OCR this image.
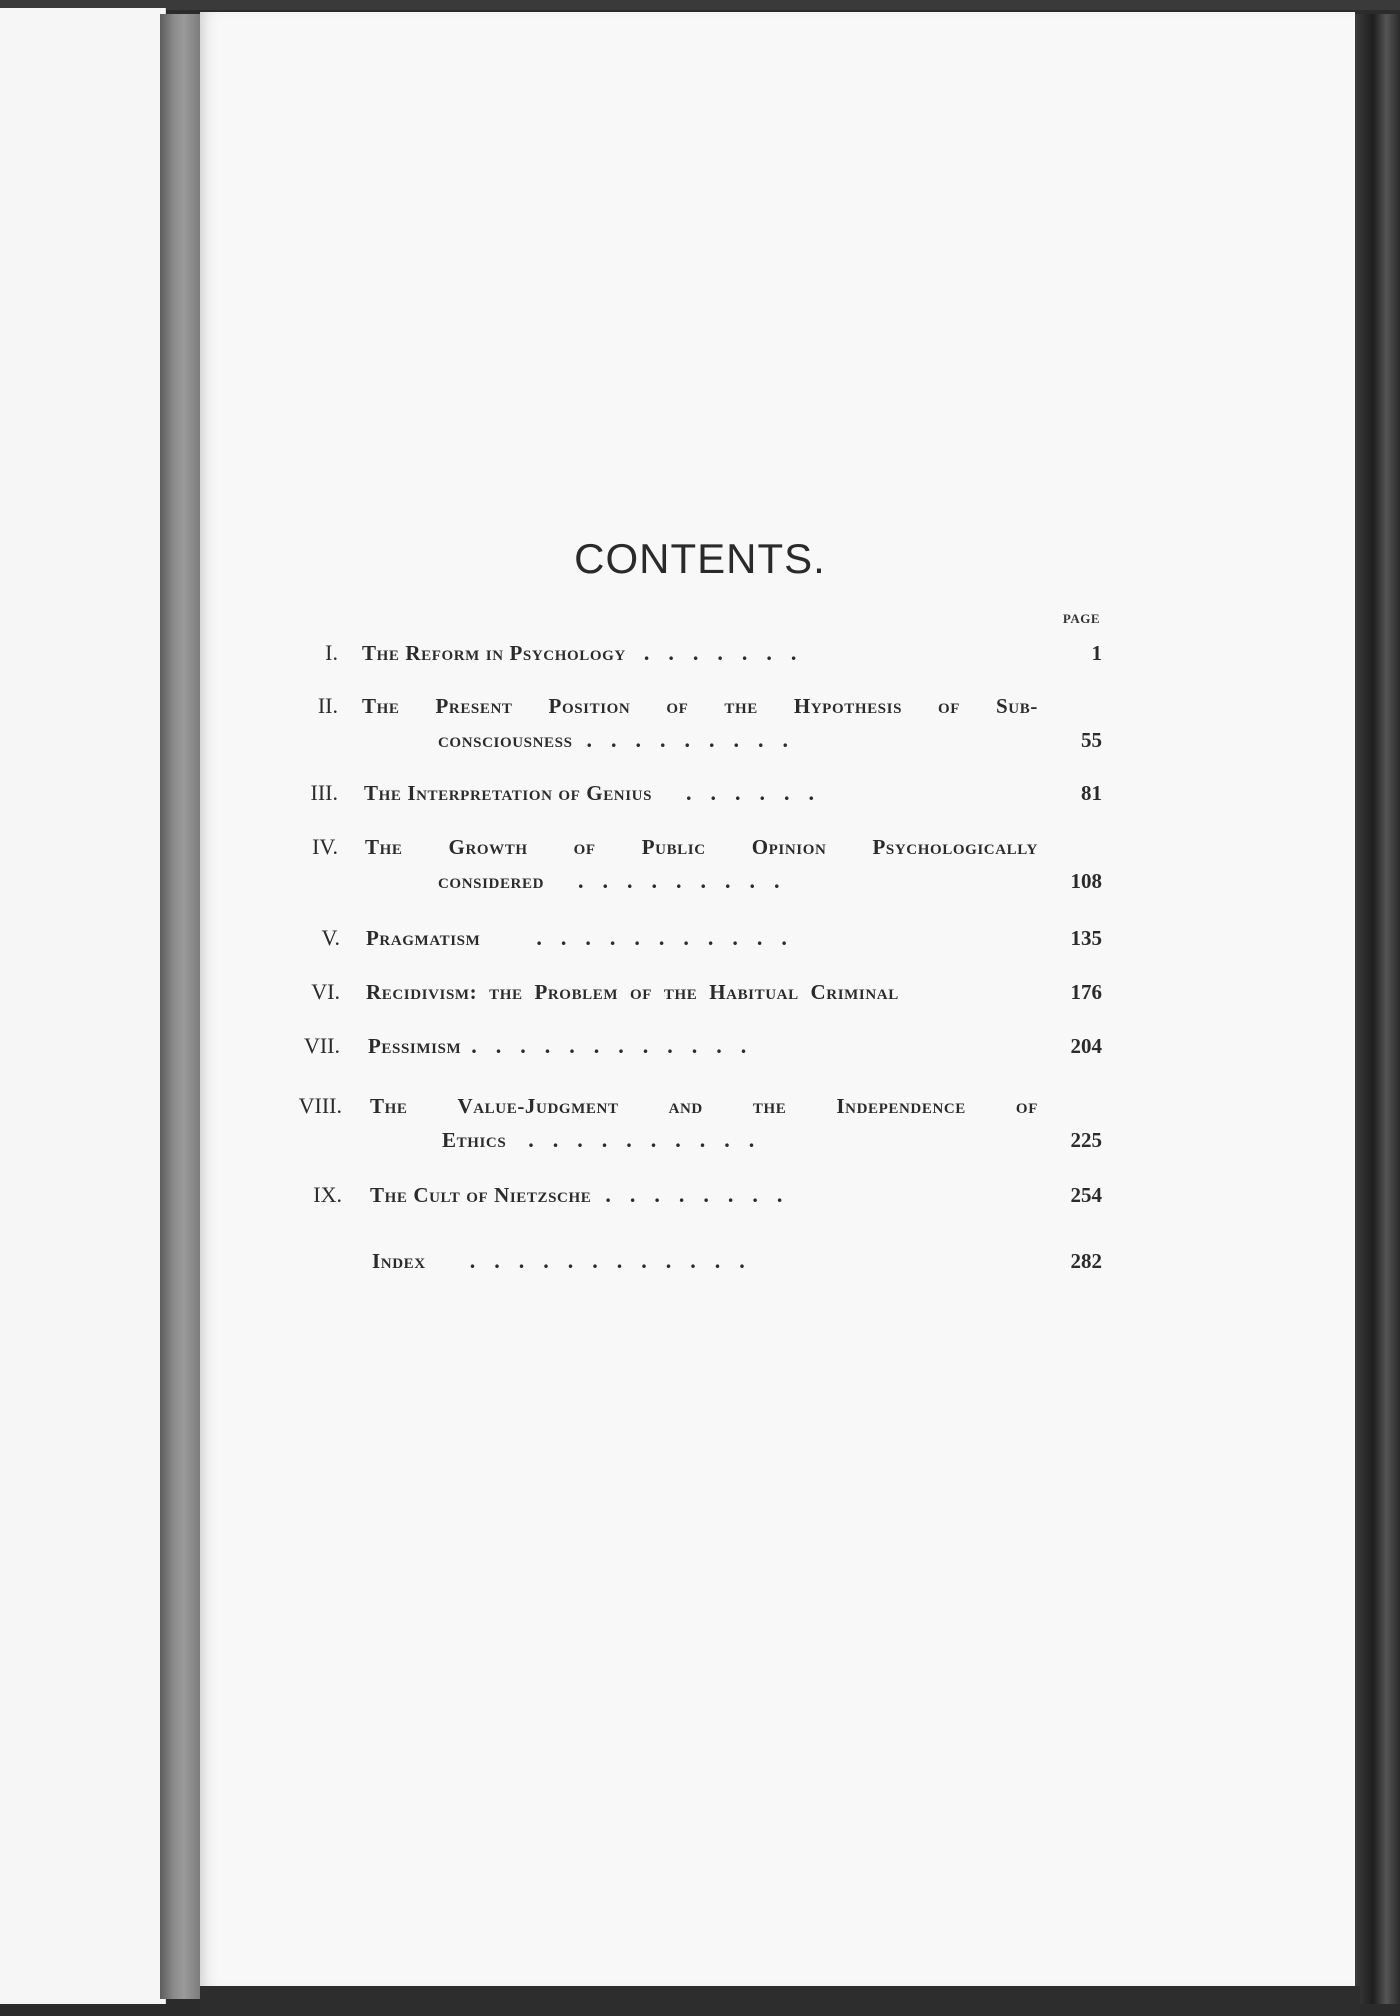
CONTENTS.
PAGE
I. The Reform in Psychology .......	1
II. The Present Position of the Hypothesis of Sub-
consciousness .........	55
III. The Interpretation of Genius ......	81
IV. The Growth of Public Opinion Psychologically
considered .........	108
V. Pragmatism	...........	135
VI. Recidivism: the Problem of the Habitual Criminal	176
VII. Pessimism ............	204
VIII. The Value-Judgment and the Independence of
Ethics ..........	225
IX. The Cult of Nietzsche ........	254
Index ............	282
